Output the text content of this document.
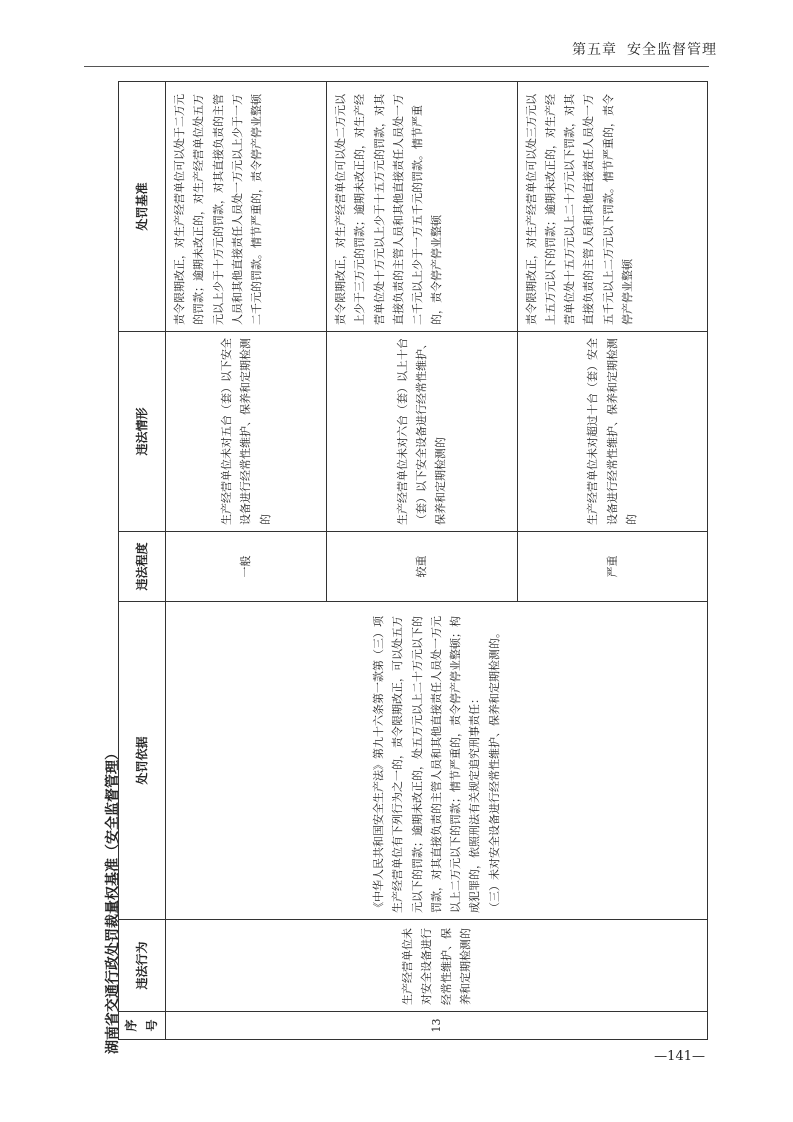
第五章 安全监督管理
湖南省交通行政处罚裁量权基准（安全监督管理） 序号	违法行为	处罚依据	违法程度	违法情形	处罚基准
13	生产经营单位未对安全设备进行经常性维护、保养和定期检测的	《中华人民共和国安全生产法》第九十六条第一款第（三）项 生产经营单位有下列行为之一的，责令限期改正，可以处五万元以下的罚款；逾期未改正的，处五万元以上二十万元以下的罚款，对其直接负责的主管人员和其他直接责任人员处一万元以上二万元以下的罚款；情节严重的，责令停产停业整顿；构成犯罪的，依照刑法有关规定追究刑事责任： （三）未对安全设备进行经常性维护、保养和定期检测的。	一般	生产经营单位未对五台（套）以下安全设备进行经常性维护、保养和定期检测的	责令限期改正，对生产经营单位可以处于二万元的罚款；逾期未改正的，对生产经营单位处五万元以上少于十万元的罚款，对其直接负责的主管人员和其他直接责任人员处一万元以上少于一万二千元的罚款。情节严重的，责令停产停业整顿
			较重	生产经营单位未对六台（套）以上十台（套）以下安全设备进行经常性维护、保养和定期检测的	责令限期改正，对生产经营单位可以处二万元以上少于三万元的罚款；逾期未改正的，对生产经营单位处十万元以上少于十五万元的罚款，对其直接负责的主管人员和其他直接责任人员处一万二千元以上少于一万五千元的罚款。情节严重的，责令停产停业整顿
			严重	生产经营单位未对超过十台（套）安全设备进行经常性维护、保养和定期检测的	责令限期改正，对生产经营单位可以处三万元以上五万元以下的罚款；逾期未改正的，对生产经营单位处十五万元以上二十万元以下罚款，对其直接负责的主管人员和其他直接责任人员处一万五千元以上二万元以下罚款。情节严重的，责令停产停业整顿
—141—
